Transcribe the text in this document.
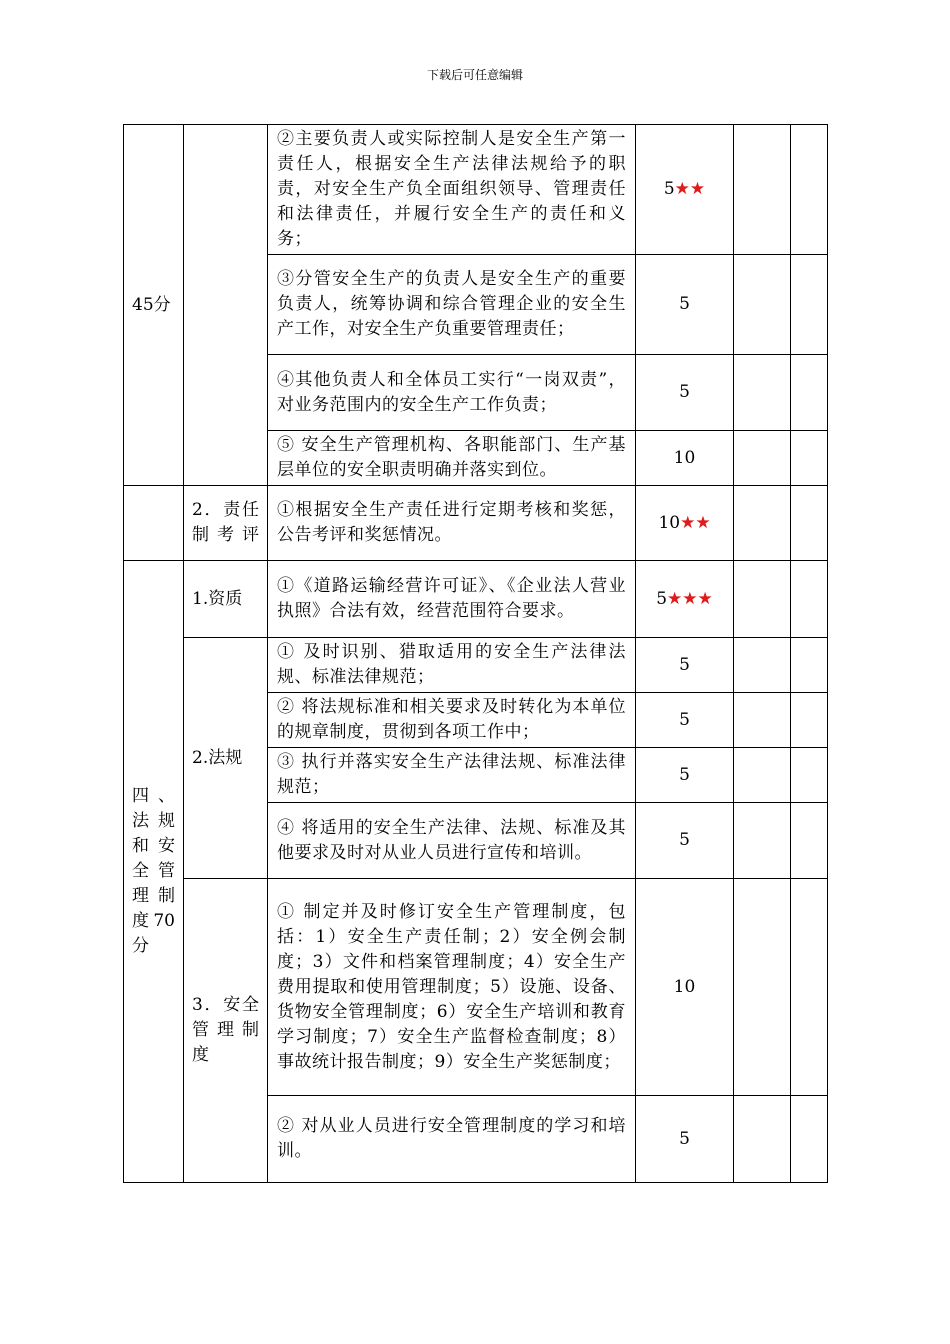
下载后可任意编辑
45分		②主要负责人或实际控制人是安全生产第一责任人，根据安全生产法律法规给予的职责，对安全生产负全面组织领导、管理责任和法律责任，并履行安全生产的责任和义务；	5★★		
		③分管安全生产的负责人是安全生产的重要负责人，统筹协调和综合管理企业的安全生产工作，对安全生产负重要管理责任；	5		
		④其他负责人和全体员工实行“一岗双责”，对业务范围内的安全生产工作负责；	5		
		⑤ 安全生产管理机构、各职能部门、生产基层单位的安全职责明确并落实到位。	10		

	2．责任制考评	①根据安全生产责任进行定期考核和奖惩，公告考评和奖惩情况。	10★★		

四、法规和安全管理制度70分	1.资质	①《道路运输经营许可证》、《企业法人营业执照》合法有效，经营范围符合要求。	5★★★		
	2.法规	① 及时识别、猎取适用的安全生产法律法规、标准法律规范；	5		
		② 将法规标准和相关要求及时转化为本单位的规章制度，贯彻到各项工作中；	5		
		③ 执行并落实安全生产法律法规、标准法律规范；	5		
		④ 将适用的安全生产法律、法规、标准及其他要求及时对从业人员进行宣传和培训。	5		

	3．安全管理制度	① 制定并及时修订安全生产管理制度，包括：1）安全生产责任制；2）安全例会制度；3）文件和档案管理制度；4）安全生产费用提取和使用管理制度；5）设施、设备、货物安全管理制度；6）安全生产培训和教育学习制度；7）安全生产监督检查制度；8）事故统计报告制度；9）安全生产奖惩制度；	10		
		② 对从业人员进行安全管理制度的学习和培训。	5		
